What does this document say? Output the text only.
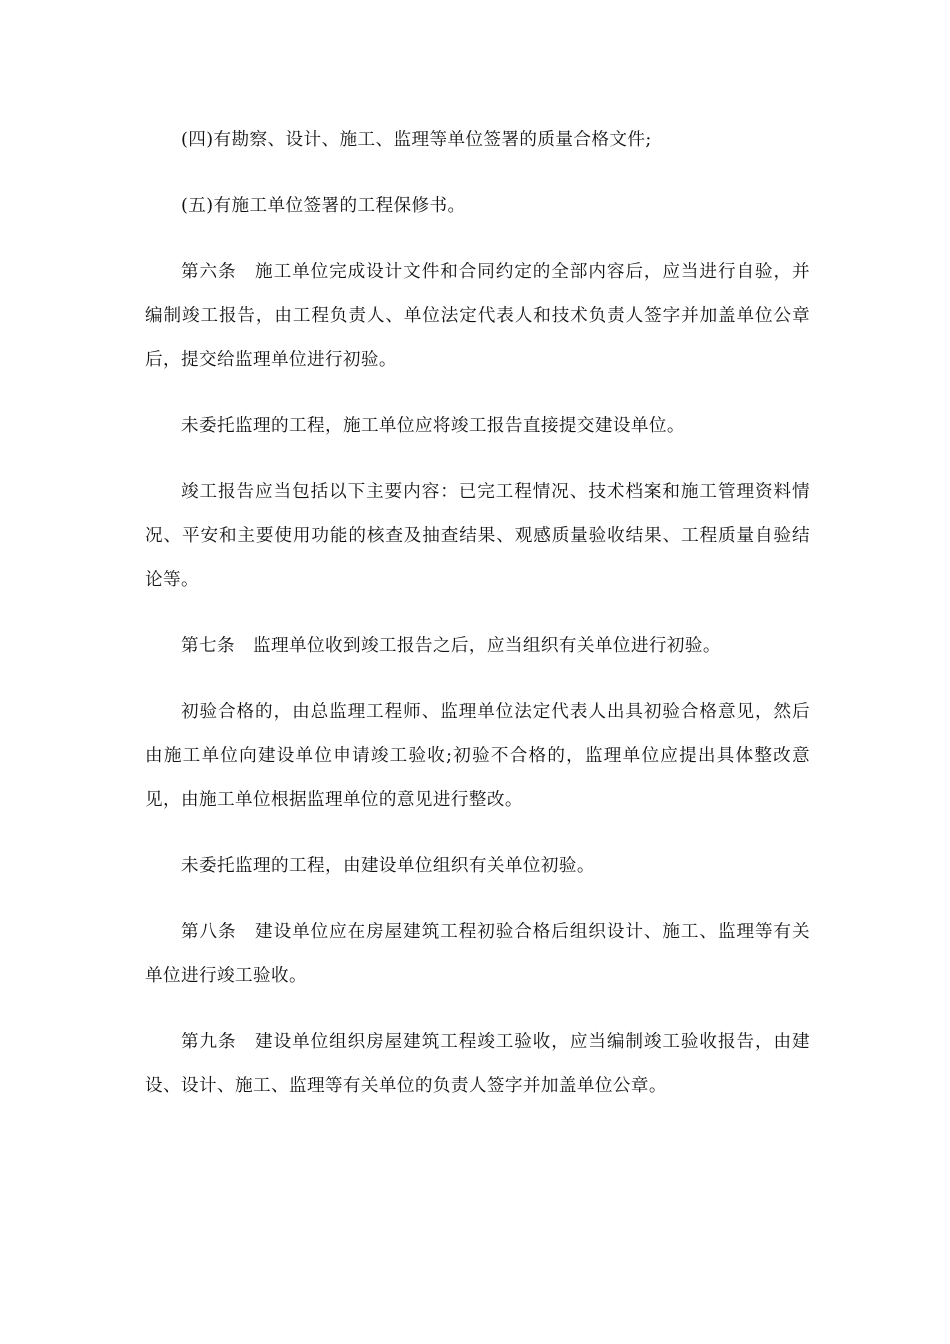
(四)有勘察、设计、施工、监理等单位签署的质量合格文件;

(五)有施工单位签署的工程保修书。

第六条　施工单位完成设计文件和合同约定的全部内容后，应当进行自验，并编制竣工报告，由工程负责人、单位法定代表人和技术负责人签字并加盖单位公章后，提交给监理单位进行初验。

未委托监理的工程，施工单位应将竣工报告直接提交建设单位。

竣工报告应当包括以下主要内容：已完工程情况、技术档案和施工管理资料情况、平安和主要使用功能的核查及抽查结果、观感质量验收结果、工程质量自验结论等。

第七条　监理单位收到竣工报告之后，应当组织有关单位进行初验。

初验合格的，由总监理工程师、监理单位法定代表人出具初验合格意见，然后由施工单位向建设单位申请竣工验收;初验不合格的，监理单位应提出具体整改意见，由施工单位根据监理单位的意见进行整改。

未委托监理的工程，由建设单位组织有关单位初验。

第八条　建设单位应在房屋建筑工程初验合格后组织设计、施工、监理等有关单位进行竣工验收。

第九条　建设单位组织房屋建筑工程竣工验收，应当编制竣工验收报告，由建设、设计、施工、监理等有关单位的负责人签字并加盖单位公章。
